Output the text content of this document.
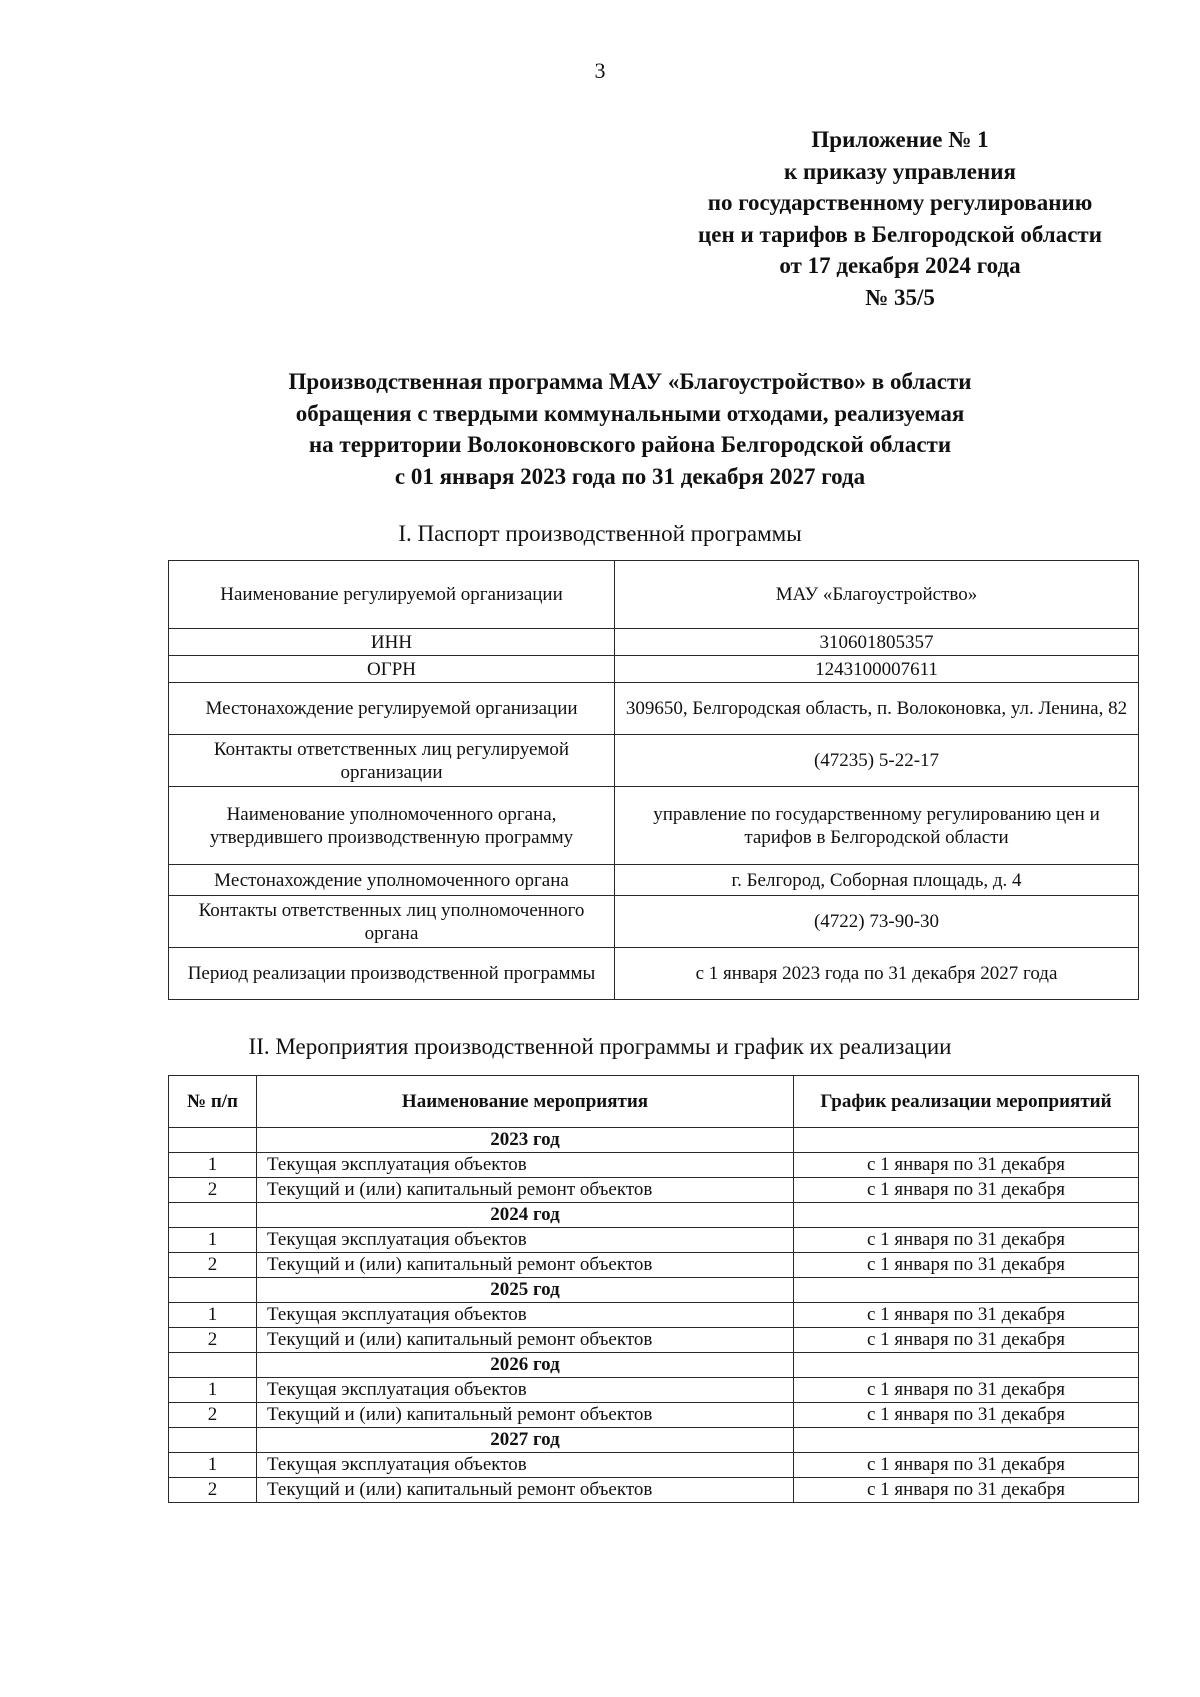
3
Приложение № 1
к приказу управления
по государственному регулированию
цен и тарифов в Белгородской области
от 17 декабря 2024 года
№ 35/5
Производственная программа МАУ «Благоустройство» в области
обращения с твердыми коммунальными отходами, реализуемая
на территории Волоконовского района Белгородской области
с 01 января 2023 года по 31 декабря 2027 года
I. Паспорт производственной программы
Наименование регулируемой организации	МАУ «Благоустройство»
ИНН	310601805357
ОГРН	1243100007611
Местонахождение регулируемой организации	309650, Белгородская область, п. Волоконовка, ул. Ленина, 82
Контакты ответственных лиц регулируемой организации	(47235) 5-22-17
Наименование уполномоченного органа, утвердившего производственную программу	управление по государственному регулированию цен и тарифов в Белгородской области
Местонахождение уполномоченного органа	г. Белгород, Соборная площадь, д. 4
Контакты ответственных лиц уполномоченного органа	(4722) 73-90-30
Период реализации производственной программы	с 1 января 2023 года по 31 декабря 2027 года
II. Мероприятия производственной программы и график их реализации
№ п/п	Наименование мероприятия	График реализации мероприятий
	2023 год	
1	Текущая эксплуатация объектов	с 1 января по 31 декабря
2	Текущий и (или) капитальный ремонт объектов	с 1 января по 31 декабря
	2024 год	
1	Текущая эксплуатация объектов	с 1 января по 31 декабря
2	Текущий и (или) капитальный ремонт объектов	с 1 января по 31 декабря
	2025 год	
1	Текущая эксплуатация объектов	с 1 января по 31 декабря
2	Текущий и (или) капитальный ремонт объектов	с 1 января по 31 декабря
	2026 год	
1	Текущая эксплуатация объектов	с 1 января по 31 декабря
2	Текущий и (или) капитальный ремонт объектов	с 1 января по 31 декабря
	2027 год	
1	Текущая эксплуатация объектов	с 1 января по 31 декабря
2	Текущий и (или) капитальный ремонт объектов	с 1 января по 31 декабря
